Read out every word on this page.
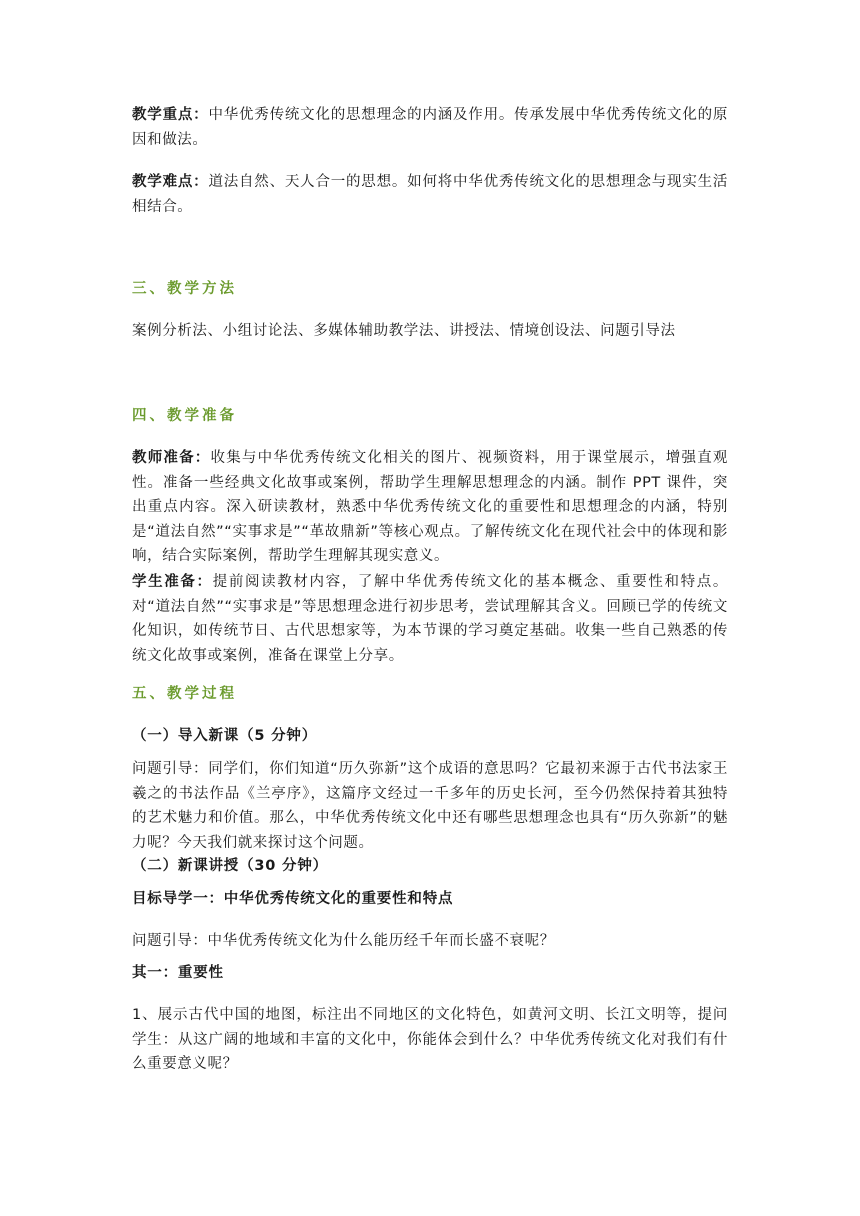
教学重点：中华优秀传统文化的思想理念的内涵及作用。传承发展中华优秀传统文化的原因和做法。
教学难点：道法自然、天人合一的思想。如何将中华优秀传统文化的思想理念与现实生活相结合。
三、教学方法
案例分析法、小组讨论法、多媒体辅助教学法、讲授法、情境创设法、问题引导法
四、教学准备
教师准备：收集与中华优秀传统文化相关的图片、视频资料，用于课堂展示，增强直观性。准备一些经典文化故事或案例，帮助学生理解思想理念的内涵。制作 PPT 课件，突出重点内容。深入研读教材，熟悉中华优秀传统文化的重要性和思想理念的内涵，特别是“道法自然”“实事求是”“革故鼎新”等核心观点。了解传统文化在现代社会中的体现和影响，结合实际案例，帮助学生理解其现实意义。
学生准备：提前阅读教材内容，了解中华优秀传统文化的基本概念、重要性和特点。对“道法自然”“实事求是”等思想理念进行初步思考，尝试理解其含义。回顾已学的传统文化知识，如传统节日、古代思想家等，为本节课的学习奠定基础。收集一些自己熟悉的传统文化故事或案例，准备在课堂上分享。
五、教学过程
（一）导入新课（5 分钟）
问题引导：同学们，你们知道“历久弥新”这个成语的意思吗？它最初来源于古代书法家王羲之的书法作品《兰亭序》，这篇序文经过一千多年的历史长河，至今仍然保持着其独特的艺术魅力和价值。那么，中华优秀传统文化中还有哪些思想理念也具有“历久弥新”的魅力呢？今天我们就来探讨这个问题。
（二）新课讲授（30 分钟）
目标导学一：中华优秀传统文化的重要性和特点
问题引导：中华优秀传统文化为什么能历经千年而长盛不衰呢？
其一：重要性
1、展示古代中国的地图，标注出不同地区的文化特色，如黄河文明、长江文明等，提问学生：从这广阔的地域和丰富的文化中，你能体会到什么？中华优秀传统文化对我们有什么重要意义呢？
